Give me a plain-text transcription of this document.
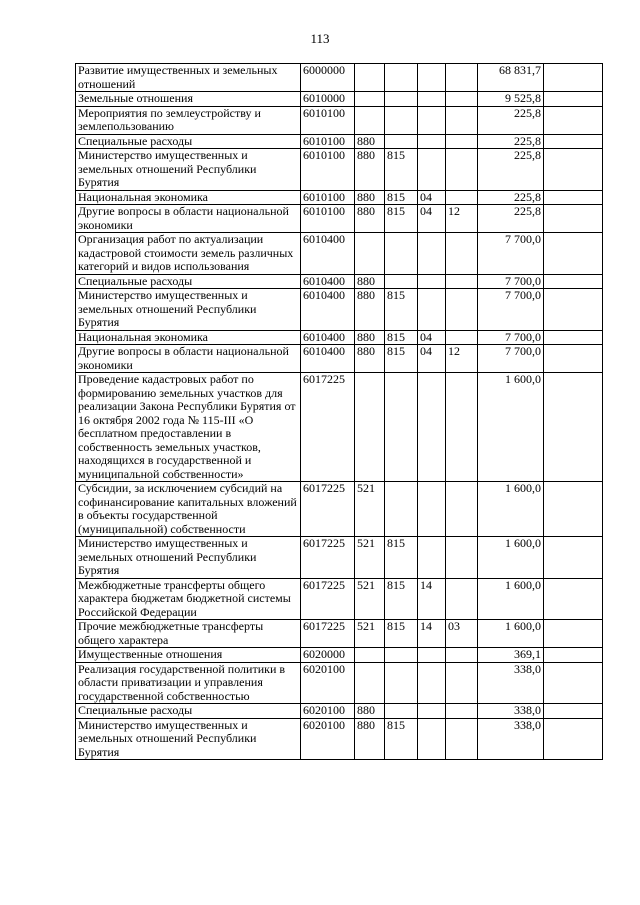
113
Развитие имущественных и земельных отношений	6000000					68 831,7	
Земельные отношения	6010000					9 525,8	
Мероприятия по землеустройству и землепользованию	6010100					225,8	
Специальные расходы	6010100	880				225,8	
Министерство имущественных и земельных отношений Республики Бурятия	6010100	880	815			225,8	
Национальная экономика	6010100	880	815	04		225,8	
Другие вопросы в области национальной экономики	6010100	880	815	04	12	225,8	
Организация работ по актуализации кадастровой стоимости земель различных категорий и видов использования	6010400					7 700,0	
Специальные расходы	6010400	880				7 700,0	
Министерство имущественных и земельных отношений Республики Бурятия	6010400	880	815			7 700,0	
Национальная экономика	6010400	880	815	04		7 700,0	
Другие вопросы в области национальной экономики	6010400	880	815	04	12	7 700,0	
Проведение кадастровых работ по формированию земельных участков для реализации Закона Республики Бурятия от 16 октября 2002 года № 115-III «О бесплатном предоставлении в собственность земельных участков, находящихся в государственной и муниципальной собственности»	6017225					1 600,0	
Субсидии, за исключением субсидий на софинансирование капитальных вложений в объекты государственной (муниципальной) собственности	6017225	521				1 600,0	
Министерство имущественных и земельных отношений Республики Бурятия	6017225	521	815			1 600,0	
Межбюджетные трансферты общего характера бюджетам бюджетной системы Российской Федерации	6017225	521	815	14		1 600,0	
Прочие межбюджетные трансферты общего характера	6017225	521	815	14	03	1 600,0	
Имущественные отношения	6020000					369,1	
Реализация государственной политики в области приватизации и управления государственной собственностью	6020100					338,0	
Специальные расходы	6020100	880				338,0	
Министерство имущественных и земельных отношений Республики Бурятия	6020100	880	815			338,0	
